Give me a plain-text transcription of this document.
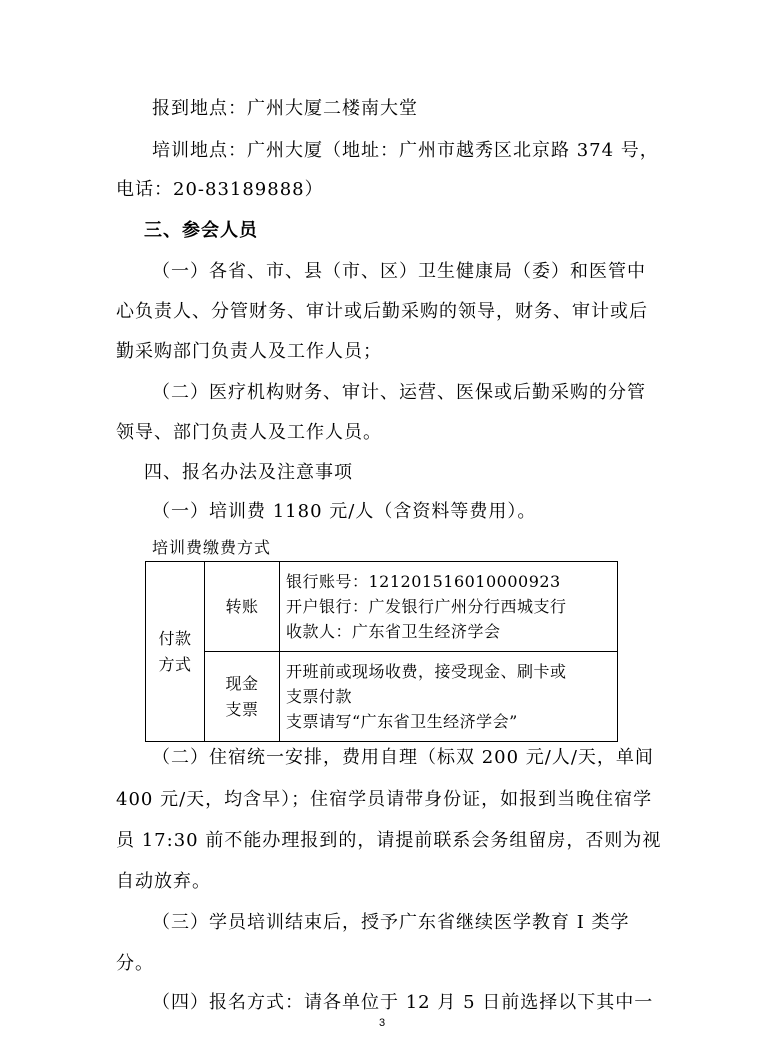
报到地点：广州大厦二楼南大堂
培训地点：广州大厦（地址：广州市越秀区北京路 374 号，
电话：20-83189888）
三、参会人员
（一）各省、市、县（市、区）卫生健康局（委）和医管中
心负责人、分管财务、审计或后勤采购的领导，财务、审计或后
勤采购部门负责人及工作人员；
（二）医疗机构财务、审计、运营、医保或后勤采购的分管
领导、部门负责人及工作人员。
四、报名办法及注意事项
（一）培训费 1180 元/人（含资料等费用）。
培训费缴费方式
付款
方式	转账	银行账号：121201516010000923
开户银行：广发银行广州分行西城支行
收款人：广东省卫生经济学会

	现金
支票	开班前或现场收费，接受现金、刷卡或
支票付款
支票请写“广东省卫生经济学会”
（二）住宿统一安排，费用自理（标双 200 元/人/天，单间
400 元/天，均含早）；住宿学员请带身份证，如报到当晚住宿学
员 17:30 前不能办理报到的，请提前联系会务组留房，否则为视
自动放弃。
（三）学员培训结束后，授予广东省继续医学教育 Ⅰ 类学
分。
（四）报名方式：请各单位于 12 月 5 日前选择以下其中一
3
